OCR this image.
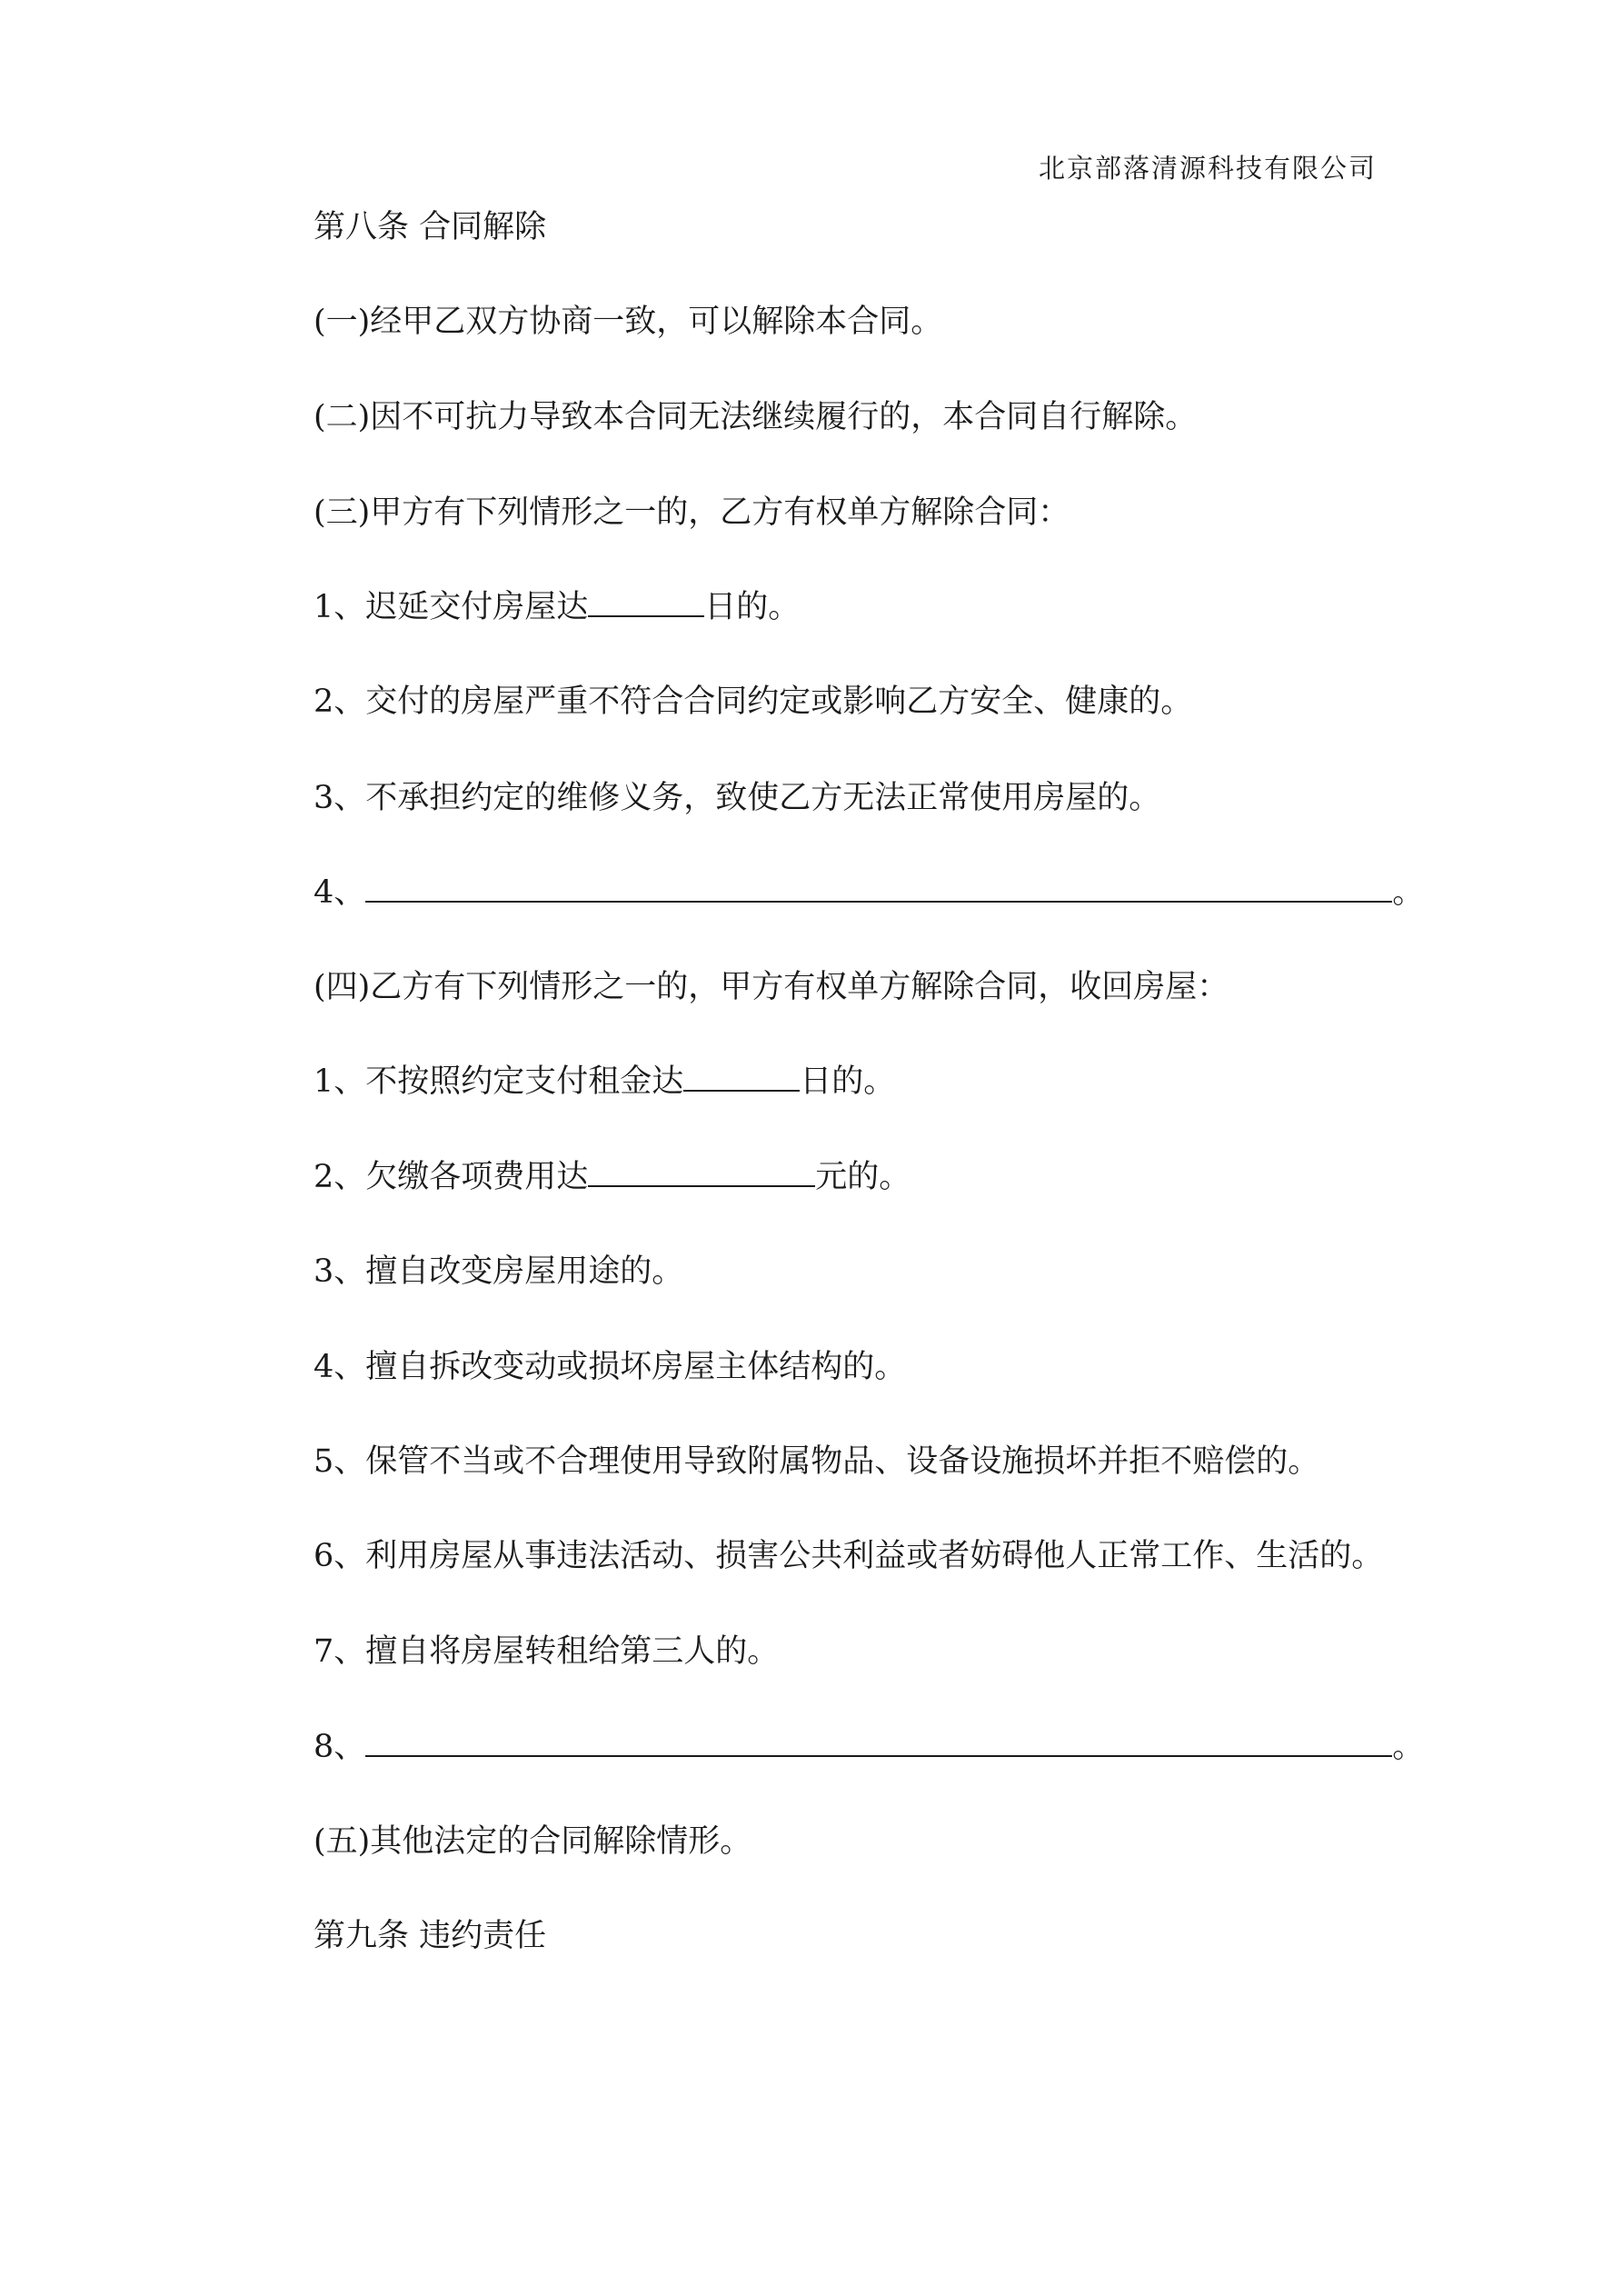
北京部落清源科技有限公司
第八条 合同解除
(一)经甲乙双方协商一致，可以解除本合同。
(二)因不可抗力导致本合同无法继续履行的，本合同自行解除。
(三)甲方有下列情形之一的，乙方有权单方解除合同：
1、迟延交付房屋达	日的。
2、交付的房屋严重不符合合同约定或影响乙方安全、健康的。
3、不承担约定的维修义务，致使乙方无法正常使用房屋的。
4、	。
(四)乙方有下列情形之一的，甲方有权单方解除合同，收回房屋：
1、不按照约定支付租金达	日的。
2、欠缴各项费用达	元的。
3、擅自改变房屋用途的。
4、擅自拆改变动或损坏房屋主体结构的。
5、保管不当或不合理使用导致附属物品、设备设施损坏并拒不赔偿的。
6、利用房屋从事违法活动、损害公共利益或者妨碍他人正常工作、生活的。
7、擅自将房屋转租给第三人的。
8、	。
(五)其他法定的合同解除情形。
第九条 违约责任
